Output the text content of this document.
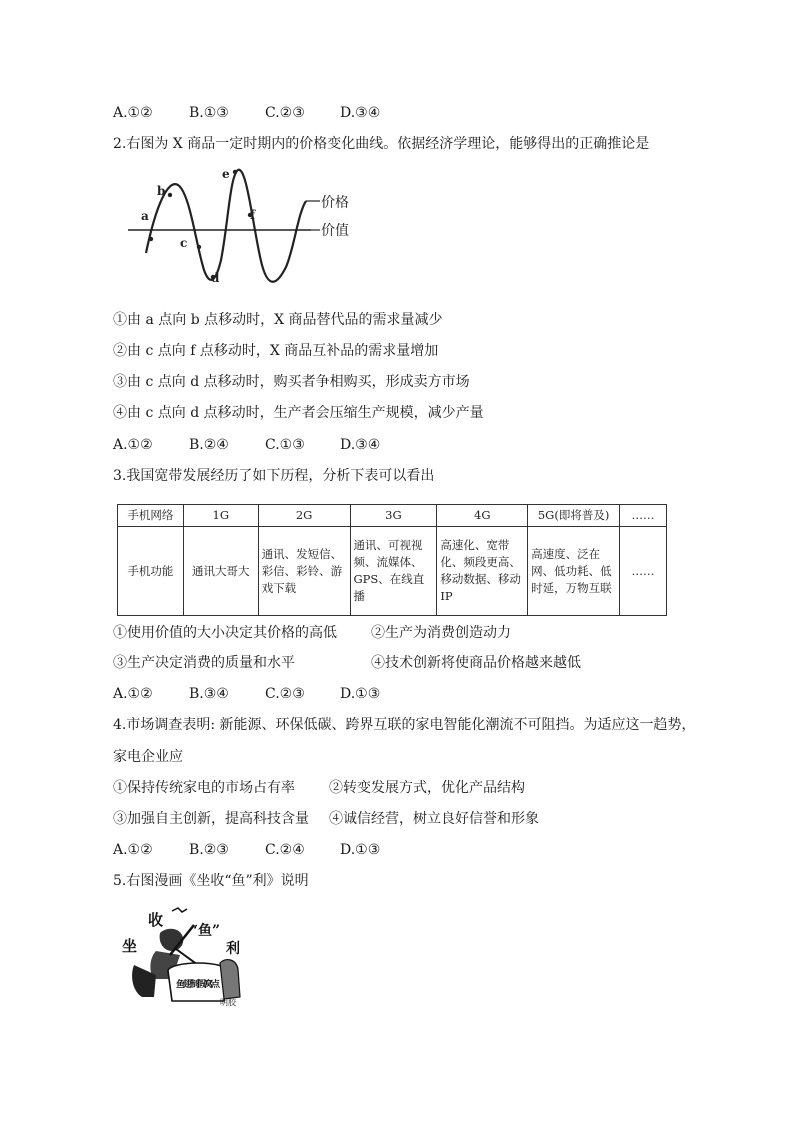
A.①②	B.①③	C.②③	D.③④
2.右图为 X 商品一定时期内的价格变化曲线。依据经济学理论，能够得出的正确推论是
a
b
c
d
e
f
价格
价值
①由 a 点向 b 点移动时，X 商品替代品的需求量减少
②由 c 点向 f 点移动时，X 商品互补品的需求量增加
③由 c 点向 d 点移动时，购买者争相购买，形成卖方市场
④由 c 点向 d 点移动时，生产者会压缩生产规模，减少产量
A.①②	B.②④	C.①③	D.③④
3.我国宽带发展经历了如下历程，分析下表可以看出
手机网络	1G	2G	3G	4G	5G(即将普及)	……
手机功能	通讯大哥大	通讯、发短信、彩信、彩铃、游戏下载	通讯、可视视频、流媒体、GPS、在线直播	高速化、宽带化、频段更高、移动数据、移动 IP	高速度、泛在网、低功耗、低时延，万物互联	……
①使用价值的大小决定其价格的高低 ②生产为消费创造动力
③生产决定消费的质量和水平	④技术创新将使商品价格越来越低
A.①②	B.③④	C.②③	D.①③
4.市场调查表明: 新能源、环保低碳、跨界互联的家电智能化潮流不可阻挡。为适应这一趋势，
家电企业应
①保持传统家电的市场占有率 ②转变发展方式，优化产品结构
③加强自主创新，提高科技含量 ④诚信经营，树立良好信誉和形象
A.①②	B.②③	C.②④	D.①③
5.右图漫画《坐收“鱼”利》说明
坐
收
“鱼”
利
鱼翅制假窝点
明胶
